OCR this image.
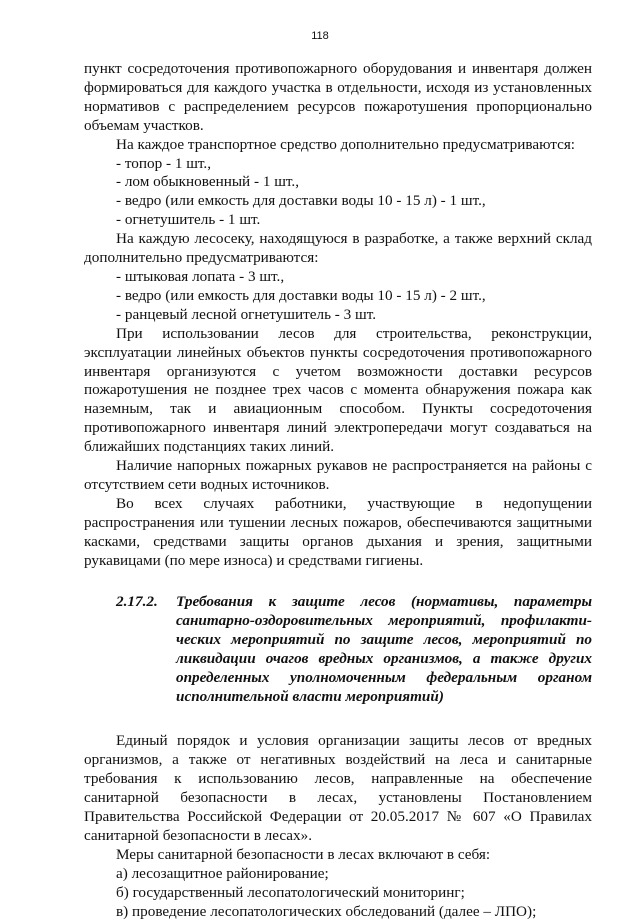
118

пункт сосредоточения противопожарного оборудования и инвентаря должен формироваться для каждого участка в отдельности, исходя из установленных нормативов с распределением ресурсов пожаротушения пропорционально объемам участков.

На каждое транспортное средство дополнительно предусматриваются:

- топор - 1 шт.,

- лом обыкновенный - 1 шт.,

- ведро (или емкость для доставки воды 10 - 15 л) - 1 шт.,

- огнетушитель - 1 шт.

На каждую лесосеку, находящуюся в разработке, а также верхний склад дополнительно предусматриваются:

- штыковая лопата - 3 шт.,

- ведро (или емкость для доставки воды 10 - 15 л) - 2 шт.,

- ранцевый лесной огнетушитель - 3 шт.

При использовании лесов для строительства, реконструкции, эксплуатации линейных объектов пункты сосредоточения противопожарного инвентаря организуются с учетом возможности доставки ресурсов пожаротушения не позднее трех часов с момента обнаружения пожара как наземным, так и авиационным способом. Пункты сосредоточения противопожарного инвентаря линий электропередачи могут создаваться на ближайших подстанциях таких линий.

Наличие напорных пожарных рукавов не распространяется на районы с отсутствием сети водных источников.

Во всех случаях работники, участвующие в недопущении распространения или тушении лесных пожаров, обеспечиваются защитными касками, средствами защиты органов дыхания и зрения, защитными рукавицами (по мере износа) и средствами гигиены.

2.17.2.	Требования к защите лесов (нормативы, параметры санитарно-оздоровительных мероприятий, профилакти-ческих мероприятий по защите лесов, мероприятий по ликвидации очагов вредных организмов, а также других определенных уполномоченным федеральным органом исполнительной власти мероприятий)

Единый порядок и условия организации защиты лесов от вредных организмов, а также от негативных воздействий на леса и санитарные требования к использованию лесов, направленные на обеспечение санитарной безопасности в лесах, установлены Постановлением Правительства Российской Федерации от 20.05.2017 № 607 «О Правилах санитарной безопасности в лесах».

Меры санитарной безопасности в лесах включают в себя:

а) лесозащитное районирование;

б) государственный лесопатологический мониторинг;

в) проведение лесопатологических обследований (далее – ЛПО);
